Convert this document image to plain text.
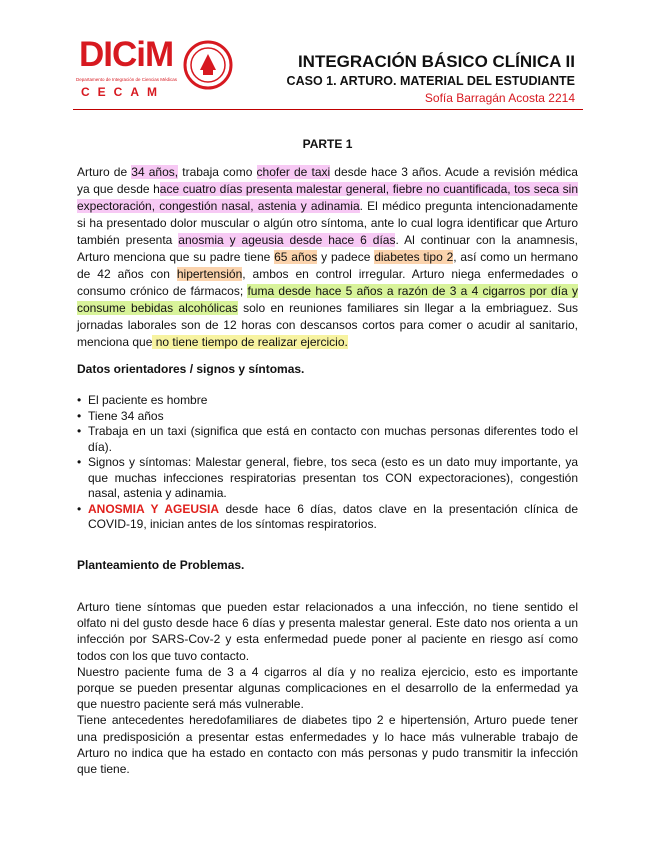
DICiM
Departamento de Integración de Ciencias Médicas
CECAM
INTEGRACIÓN BÁSICO CLÍNICA II
CASO 1. ARTURO. MATERIAL DEL ESTUDIANTE
Sofía Barragán Acosta 2214
PARTE 1

Arturo de 34 años, trabaja como chofer de taxi desde hace 3 años. Acude a revisión médica ya que desde hace cuatro días presenta malestar general, fiebre no cuantificada, tos seca sin expectoración, congestión nasal, astenia y adinamia. El médico pregunta intencionadamente si ha presentado dolor muscular o algún otro síntoma, ante lo cual logra identificar que Arturo también presenta anosmia y ageusia desde hace 6 días. Al continuar con la anamnesis, Arturo menciona que su padre tiene 65 años y padece diabetes tipo 2, así como un hermano de 42 años con hipertensión, ambos en control irregular. Arturo niega enfermedades o consumo crónico de fármacos; fuma desde hace 5 años a razón de 3 a 4 cigarros por día y consume bebidas alcohólicas solo en reuniones familiares sin llegar a la embriaguez. Sus jornadas laborales son de 12 horas con descansos cortos para comer o acudir al sanitario, menciona que no tiene tiempo de realizar ejercicio.

Datos orientadores / signos y síntomas.
• El paciente es hombre
• Tiene 34 años
• Trabaja en un taxi (significa que está en contacto con muchas personas diferentes todo el día).
• Signos y síntomas: Malestar general, fiebre, tos seca (esto es un dato muy importante, ya que muchas infecciones respiratorias presentan tos CON expectoraciones), congestión nasal, astenia y adinamia.
• ANOSMIA Y AGEUSIA desde hace 6 días, datos clave en la presentación clínica de COVID-19, inician antes de los síntomas respiratorios.
Planteamiento de Problemas.

Arturo tiene síntomas que pueden estar relacionados a una infección, no tiene sentido el olfato ni del gusto desde hace 6 días y presenta malestar general. Este dato nos orienta a un infección por SARS-Cov-2 y esta enfermedad puede poner al paciente en riesgo así como todos con los que tuvo contacto.

Nuestro paciente fuma de 3 a 4 cigarros al día y no realiza ejercicio, esto es importante porque se pueden presentar algunas complicaciones en el desarrollo de la enfermedad ya que nuestro paciente será más vulnerable.

Tiene antecedentes heredofamiliares de diabetes tipo 2 e hipertensión, Arturo puede tener una predisposición a presentar estas enfermedades y lo hace más vulnerable trabajo de Arturo no indica que ha estado en contacto con más personas y pudo transmitir la infección que tiene.
